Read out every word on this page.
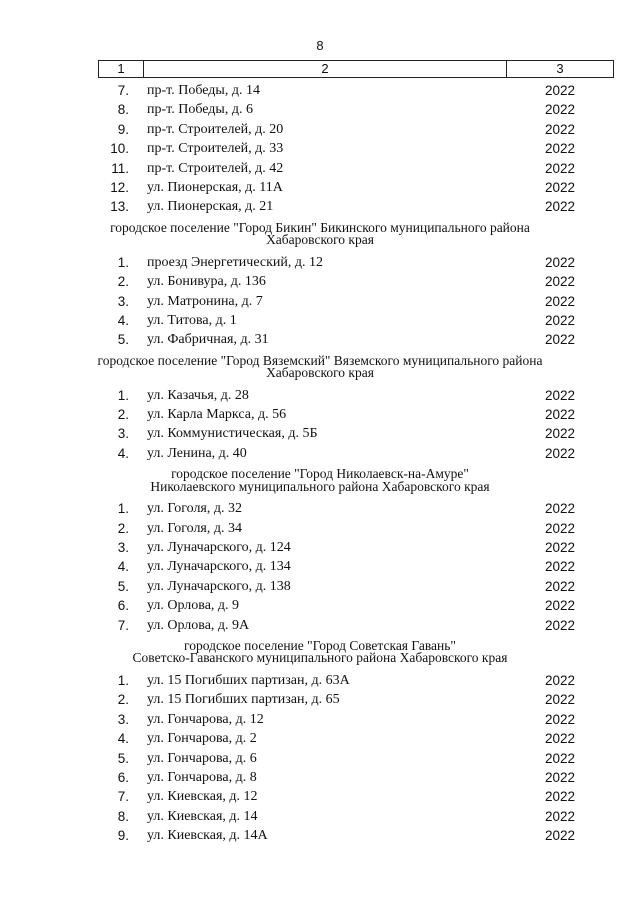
8
1	2	3
7. пр-т. Победы, д. 14	2022
8. пр-т. Победы, д. 6	2022
9. пр-т. Строителей, д. 20	2022
10. пр-т. Строителей, д. 33	2022
11. пр-т. Строителей, д. 42	2022
12. ул. Пионерская, д. 11А	2022
13. ул. Пионерская, д. 21	2022
городское поселение "Город Бикин" Бикинского муниципального района
Хабаровского края
1. проезд Энергетический, д. 12	2022
2. ул. Бонивура, д. 136	2022
3. ул. Матронина, д. 7	2022
4. ул. Титова, д. 1	2022
5. ул. Фабричная, д. 31	2022
городское поселение "Город Вяземский" Вяземского муниципального района
Хабаровского края
1. ул. Казачья, д. 28	2022
2. ул. Карла Маркса, д. 56	2022
3. ул. Коммунистическая, д. 5Б	2022
4. ул. Ленина, д. 40	2022
городское поселение "Город Николаевск-на-Амуре"
Николаевского муниципального района Хабаровского края
1. ул. Гоголя, д. 32	2022
2. ул. Гоголя, д. 34	2022
3. ул. Луначарского, д. 124	2022
4. ул. Луначарского, д. 134	2022
5. ул. Луначарского, д. 138	2022
6. ул. Орлова, д. 9	2022
7. ул. Орлова, д. 9А	2022
городское поселение "Город Советская Гавань"
Советско-Гаванского муниципального района Хабаровского края
1. ул. 15 Погибших партизан, д. 63А	2022
2. ул. 15 Погибших партизан, д. 65	2022
3. ул. Гончарова, д. 12	2022
4. ул. Гончарова, д. 2	2022
5. ул. Гончарова, д. 6	2022
6. ул. Гончарова, д. 8	2022
7. ул. Киевская, д. 12	2022
8. ул. Киевская, д. 14	2022
9. ул. Киевская, д. 14А	2022
